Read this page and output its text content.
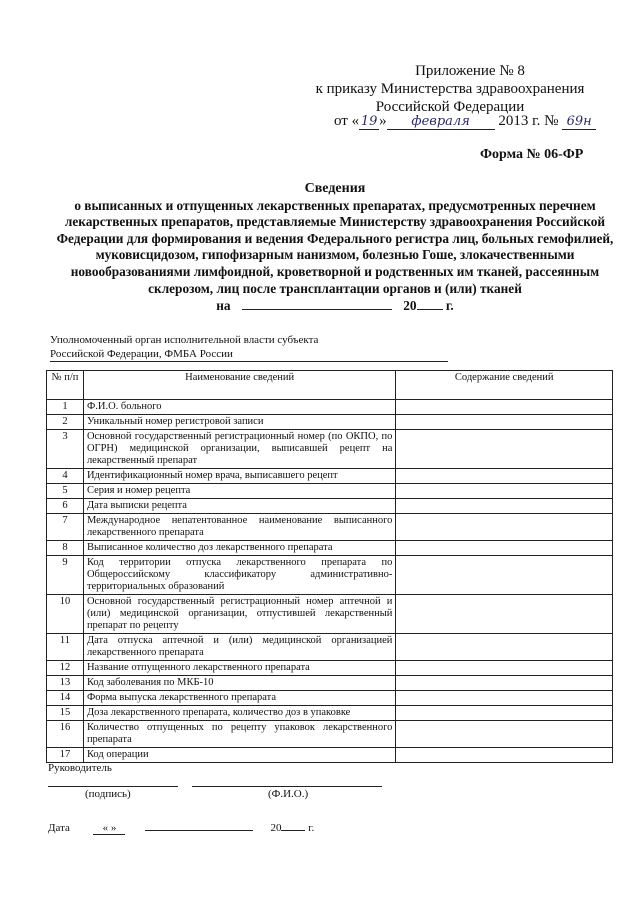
Приложение № 8
к приказу Министерства здравоохранения
Российской Федерации
от « 19 » февраля 2013 г. № 69н
Форма № 06-ФР
Сведения
о выписанных и отпущенных лекарственных препаратах, предусмотренных перечнем лекарственных препаратов, представляемые Министерству здравоохранения Российской Федерации для формирования и ведения Федерального регистра лиц, больных гемофилией, муковисцидозом, гипофизарным нанизмом, болезнью Гоше, злокачественными новообразованиями лимфоидной, кроветворной и родственных им тканей, рассеянным склерозом, лиц после трансплантации органов и (или) тканей
на	20 г.
Уполномоченный орган исполнительной власти субъекта
Российской Федерации, ФМБА России
№ п/п	Наименование сведений	Содержание сведений
1	Ф.И.О. больного	
2	Уникальный номер регистровой записи	
3	Основной государственный регистрационный номер (по ОКПО, по ОГРН) медицинской организации, выписавшей рецепт на лекарственный препарат	
4	Идентификационный номер врача, выписавшего рецепт	
5	Серия и номер рецепта	
6	Дата выписки рецепта	
7	Международное непатентованное наименование выписанного лекарственного препарата	
8	Выписанное количество доз лекарственного препарата	
9	Код территории отпуска лекарственного препарата по Общероссийскому классификатору административно-территориальных образований	
10	Основной государственный регистрационный номер аптечной и (или) медицинской организации, отпустившей лекарственный препарат по рецепту	
11	Дата отпуска аптечной и (или) медицинской организацией лекарственного препарата	
12	Название отпущенного лекарственного препарата	
13	Код заболевания по МКБ-10	
14	Форма выпуска лекарственного препарата	
15	Доза лекарственного препарата, количество доз в упаковке	
16	Количество отпущенных по рецепту упаковок лекарственного препарата	
17	Код операции	
Руководитель
(подпись)	(Ф.И.О.)
Дата	« »	20 г.
